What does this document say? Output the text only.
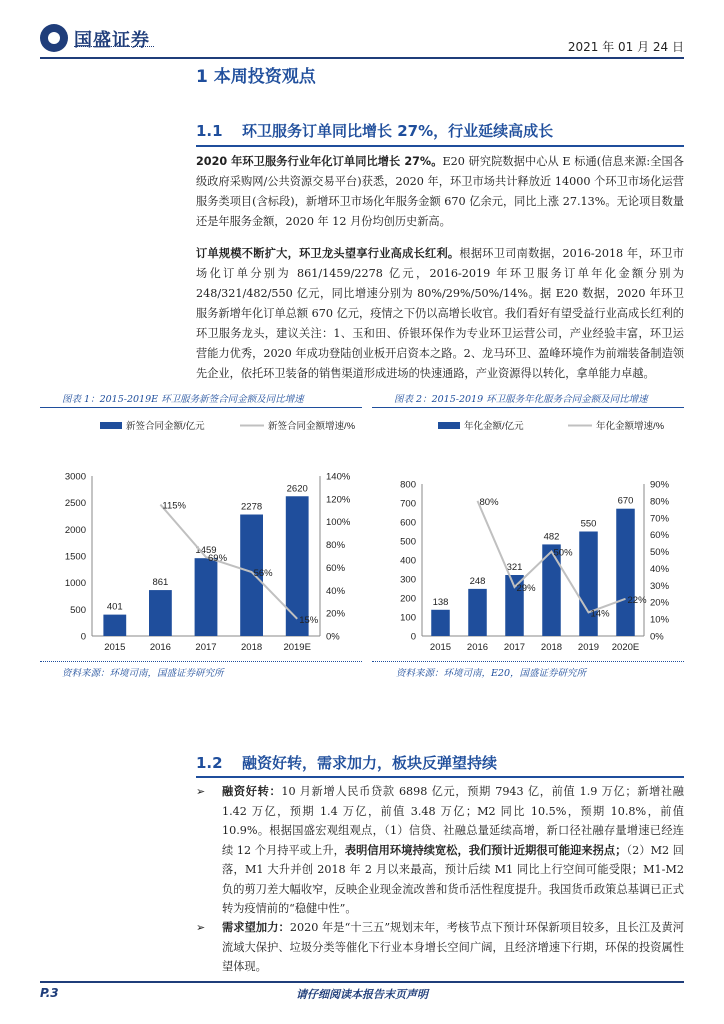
国盛证券	2021 年 01 月 24 日
1 本周投资观点
1.1 环卫服务订单同比增长 27%，行业延续高成长
2020 年环卫服务行业年化订单同比增长 27%。E20 研究院数据中心从 E 标通(信息来源:全国各级政府采购网/公共资源交易平台)获悉，2020 年，环卫市场共计释放近 14000 个环卫市场化运营服务类项目(含标段)，新增环卫市场化年服务金额 670 亿余元，同比上涨 27.13%。无论项目数量还是年服务金额，2020 年 12 月份均创历史新高。
订单规模不断扩大，环卫龙头望享行业高成长红利。根据环卫司南数据，2016-2018 年，环卫市场化订单分别为 861/1459/2278 亿元，2016-2019 年环卫服务订单年化金额分别为 248/321/482/550 亿元，同比增速分别为 80%/29%/50%/14%。据 E20 数据，2020 年环卫服务新增年化订单总额 670 亿元，疫情之下仍以高增长收官。我们看好有望受益行业高成长红利的环卫服务龙头，建议关注：1、玉和田、侨银环保作为专业环卫运营公司，产业经验丰富，环卫运营能力优秀，2020 年成功登陆创业板开启资本之路。2、龙马环卫、盈峰环境作为前端装备制造领先企业，依托环卫装备的销售渠道形成进场的快速通路，产业资源得以转化，拿单能力卓越。
图表 1：2015-2019E 环卫服务新签合同金额及同比增速
新签合同金额/亿元	新签合同金额增速/%
0
500
1000
1500
2000
2500
3000
0%
20%
40%
60%
80%
100%
120%
140%
401
2015
861
2016
1459
2017
2278
2018
2620
2019E
115%
69%
56%
15%
资料来源：环境司南，国盛证券研究所
图表 2：2015-2019 环卫服务年化服务合同金额及同比增速
年化金额/亿元	年化金额增速/%
0
100
200
300
400
500
600
700
800
0%
10%
20%
30%
40%
50%
60%
70%
80%
90%
138
2015
248
2016
321
2017
482
2018
550
2019
670
2020E
80%
29%
50%
14%
22%
资料来源：环境司南，E20，国盛证券研究所
1.2 融资好转，需求加力，板块反弹望持续
➢	融资好转：10 月新增人民币贷款 6898 亿元，预期 7943 亿，前值 1.9 万亿；新增社融 1.42 万亿，预期 1.4 万亿，前值 3.48 万亿；M2 同比 10.5%，预期 10.8%，前值 10.9%。根据国盛宏观组观点，（1）信贷、社融总量延续高增，新口径社融存量增速已经连续 12 个月持平或上升，表明信用环境持续宽松，我们预计近期很可能迎来拐点；（2）M2 回落，M1 大升并创 2018 年 2 月以来最高，预计后续 M1 同比上行空间可能受限；M1-M2 负的剪刀差大幅收窄，反映企业现金流改善和货币活性程度提升。我国货币政策总基调已正式转为疫情前的“稳健中性”。
➢	需求望加力：2020 年是“十三五”规划末年，考核节点下预计环保新项目较多，且长江及黄河流域大保护、垃圾分类等催化下行业本身增长空间广阔，且经济增速下行期，环保的投资属性望体现。
P.3	请仔细阅读本报告末页声明
